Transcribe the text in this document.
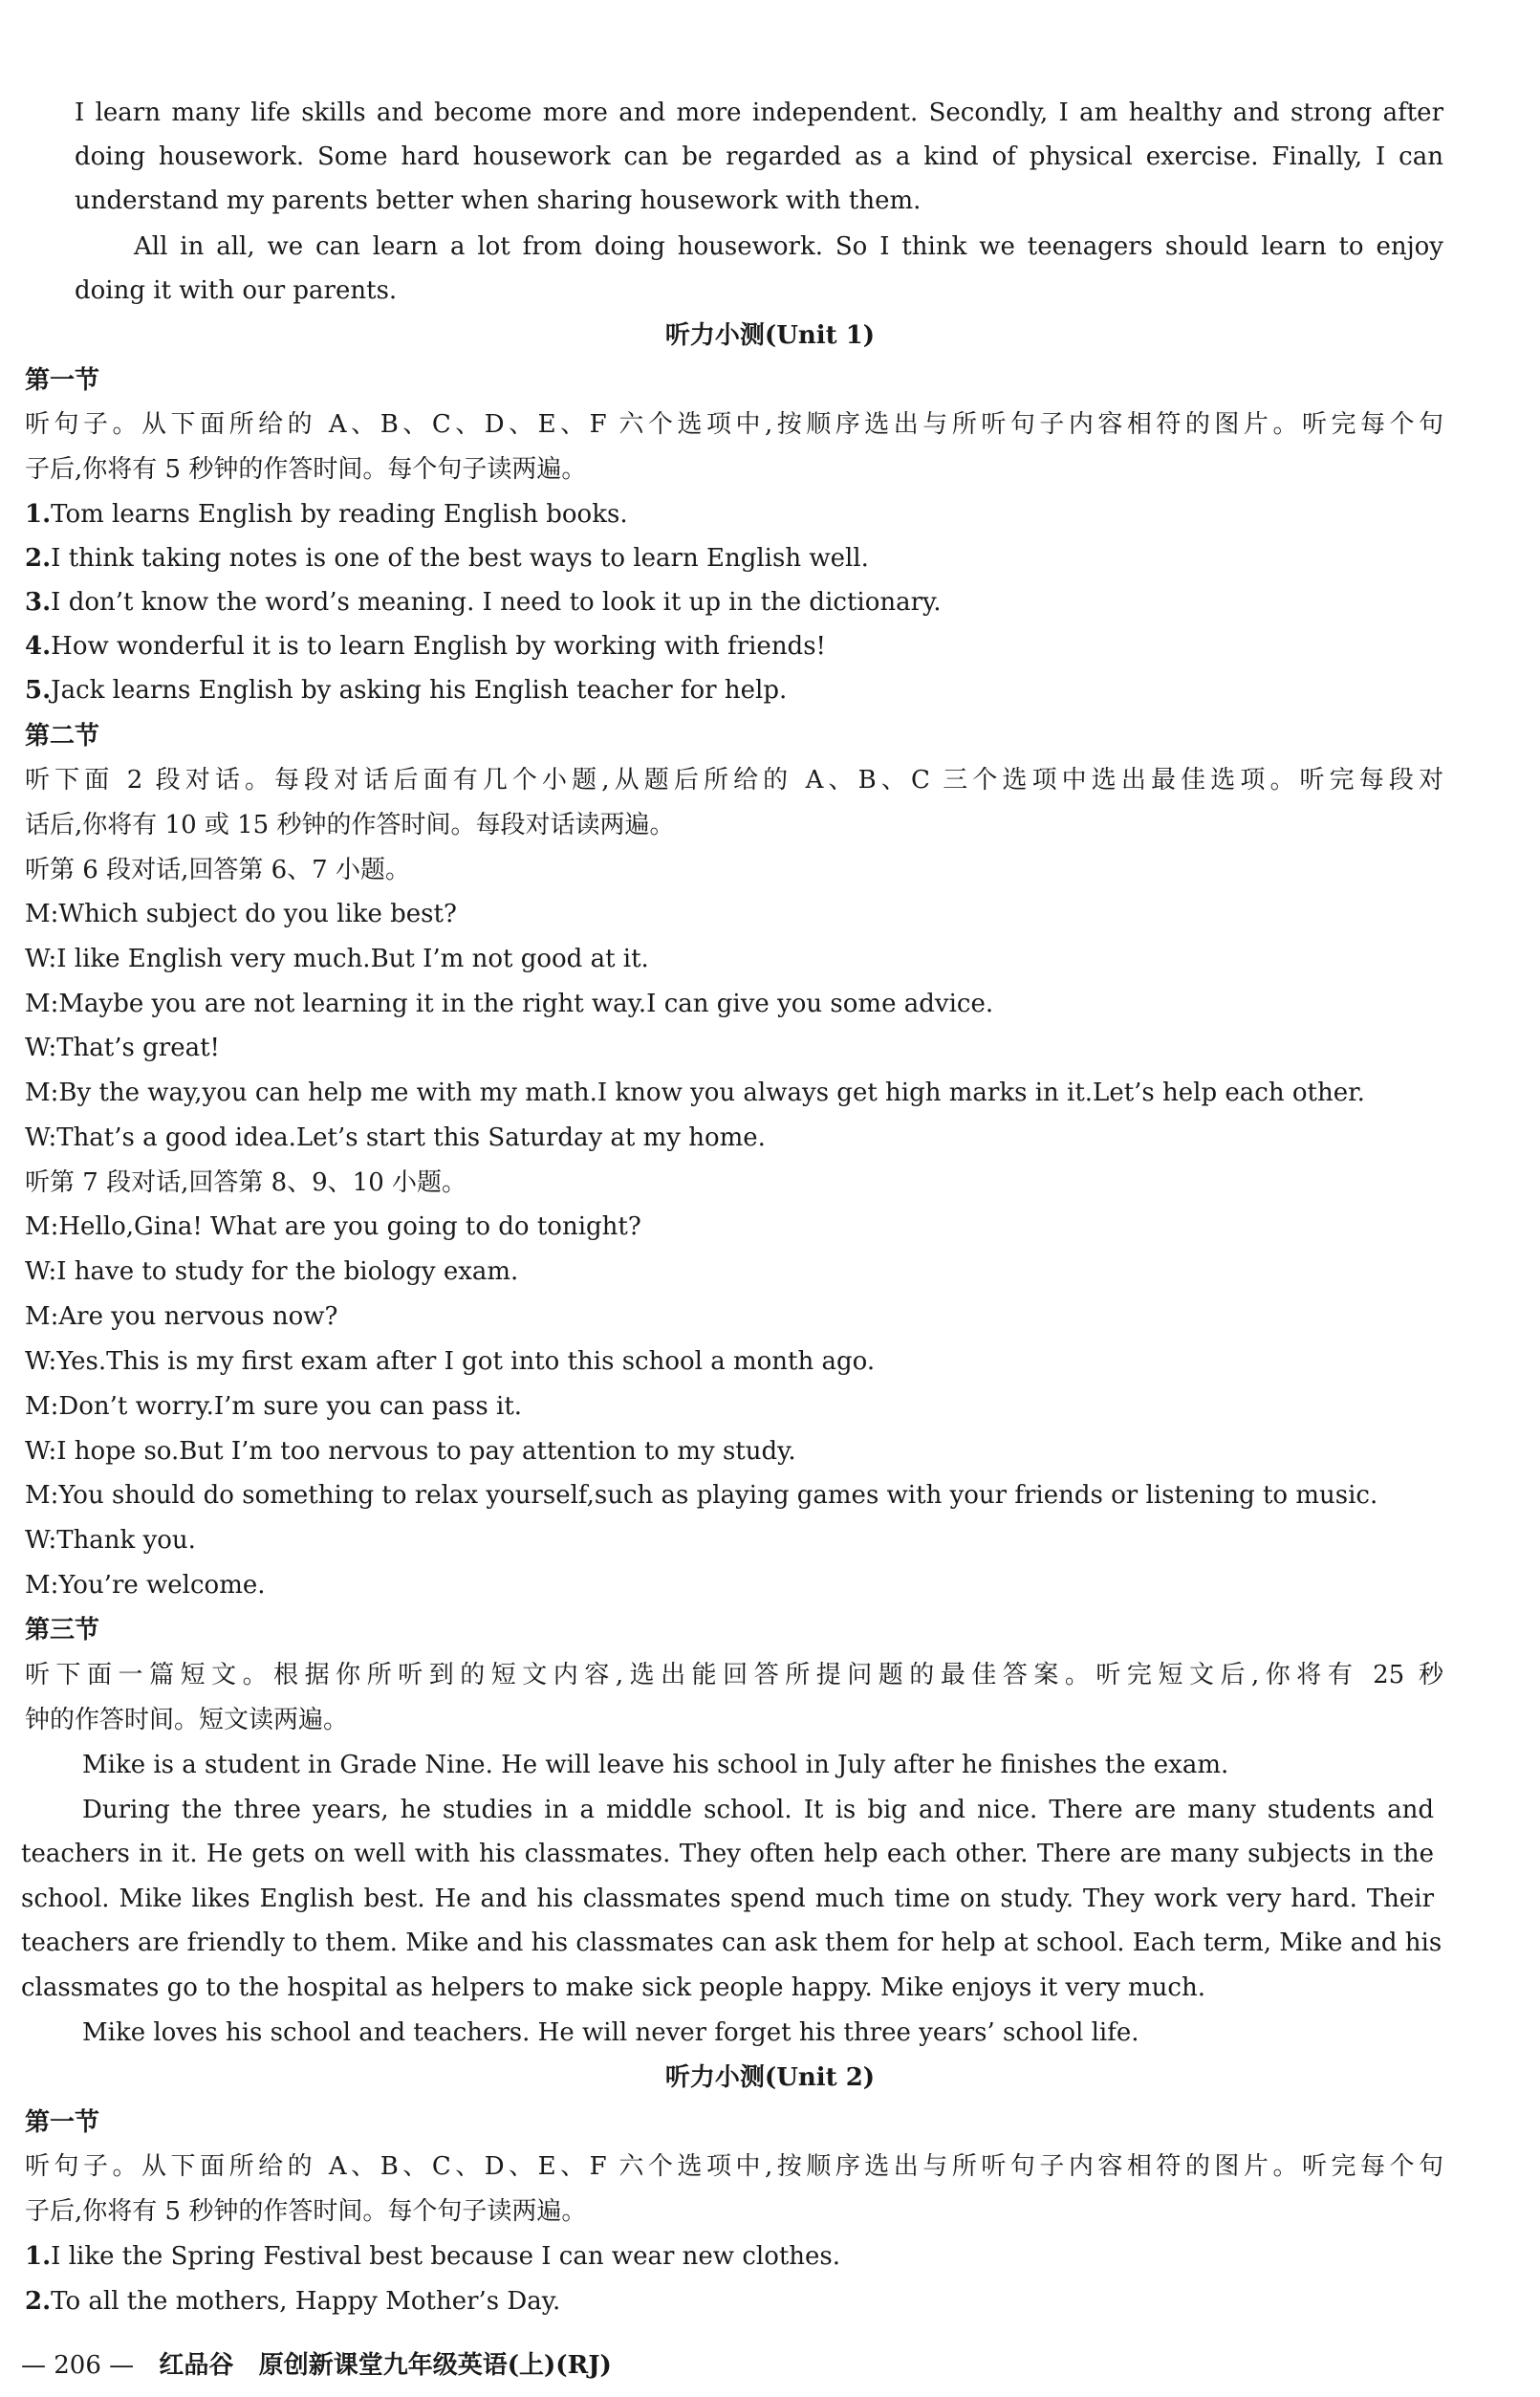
I learn many life skills and become more and more independent. Secondly, I am healthy and strong after
doing housework. Some hard housework can be regarded as a kind of physical exercise. Finally, I can
understand my parents better when sharing housework with them.
All in all, we can learn a lot from doing housework. So I think we teenagers should learn to enjoy
doing it with our parents.
听力小测(Unit 1)
第一节
听句子。从下面所给的 A、B、C、D、E、F 六个选项中,按顺序选出与所听句子内容相符的图片。听完每个句
子后,你将有 5 秒钟的作答时间。每个句子读两遍。
1.Tom learns English by reading English books.
2.I think taking notes is one of the best ways to learn English well.
3.I don’t know the word’s meaning. I need to look it up in the dictionary.
4.How wonderful it is to learn English by working with friends!
5.Jack learns English by asking his English teacher for help.
第二节
听下面 2 段对话。每段对话后面有几个小题,从题后所给的 A、B、C 三个选项中选出最佳选项。听完每段对
话后,你将有 10 或 15 秒钟的作答时间。每段对话读两遍。
听第 6 段对话,回答第 6、7 小题。
M:Which subject do you like best?
W:I like English very much.But I’m not good at it.
M:Maybe you are not learning it in the right way.I can give you some advice.
W:That’s great!
M:By the way,you can help me with my math.I know you always get high marks in it.Let’s help each other.
W:That’s a good idea.Let’s start this Saturday at my home.
听第 7 段对话,回答第 8、9、10 小题。
M:Hello,Gina! What are you going to do tonight?
W:I have to study for the biology exam.
M:Are you nervous now?
W:Yes.This is my first exam after I got into this school a month ago.
M:Don’t worry.I’m sure you can pass it.
W:I hope so.But I’m too nervous to pay attention to my study.
M:You should do something to relax yourself,such as playing games with your friends or listening to music.
W:Thank you.
M:You’re welcome.
第三节
听下面一篇短文。根据你所听到的短文内容,选出能回答所提问题的最佳答案。听完短文后,你将有 25 秒
钟的作答时间。短文读两遍。
Mike is a student in Grade Nine. He will leave his school in July after he finishes the exam.
During the three years, he studies in a middle school. It is big and nice. There are many students and
teachers in it. He gets on well with his classmates. They often help each other. There are many subjects in the
school. Mike likes English best. He and his classmates spend much time on study. They work very hard. Their
teachers are friendly to them. Mike and his classmates can ask them for help at school. Each term, Mike and his
classmates go to the hospital as helpers to make sick people happy. Mike enjoys it very much.
Mike loves his school and teachers. He will never forget his three years’ school life.
听力小测(Unit 2)
第一节
听句子。从下面所给的 A、B、C、D、E、F 六个选项中,按顺序选出与所听句子内容相符的图片。听完每个句
子后,你将有 5 秒钟的作答时间。每个句子读两遍。
1.I like the Spring Festival best because I can wear new clothes.
2.To all the mothers, Happy Mother’s Day.
— 206 — 红品谷 原创新课堂九年级英语(上)(RJ)
